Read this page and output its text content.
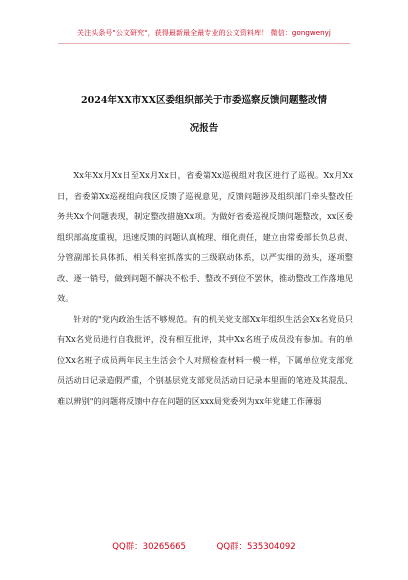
关注头条号"公文研究"，获得最新最全最专业的公文资料库！ 微信：gongwenyj
2024年XX市XX区委组织部关于市委巡察反馈问题整改情
况报告

Xx年Xx月Xx日至Xx月Xx日，省委第Xx巡视组对我区进行了巡视。Xx月Xx日，省委第Xx巡视组向我区反馈了巡视意见，反馈问题涉及组织部门牵头整改任务共Xx个问题表现，制定整改措施Xx项。为做好省委巡视反馈问题整改，xx区委组织部高度重视，迅速反馈的问题认真梳理、细化责任，建立由常委部长负总责、分管副部长具体抓、相关科室抓落实的三级联动体系，以严实细的劲头，逐项整改、逐一销号，做到问题不解决不松手、整改不到位不罢休，推动整改工作落地见效。

针对的"党内政治生活不够规范。有的机关党支部Xx年组织生活会Xx名党员只有Xx名党员进行自我批评，没有相互批评，其中Xx名班子成员没有参加。有的单位Xx名班子成员两年民主生活会个人对照检查材料一模一样，下属单位党支部党员活动日记录造假严重，个别基层党支部党员活动日记录本里面的笔迹及其混乱、难以辨别"的问题将反馈中存在问题的区xxx局党委列为xx年党建工作薄弱

QQ群：30265665	QQ群：535304092
